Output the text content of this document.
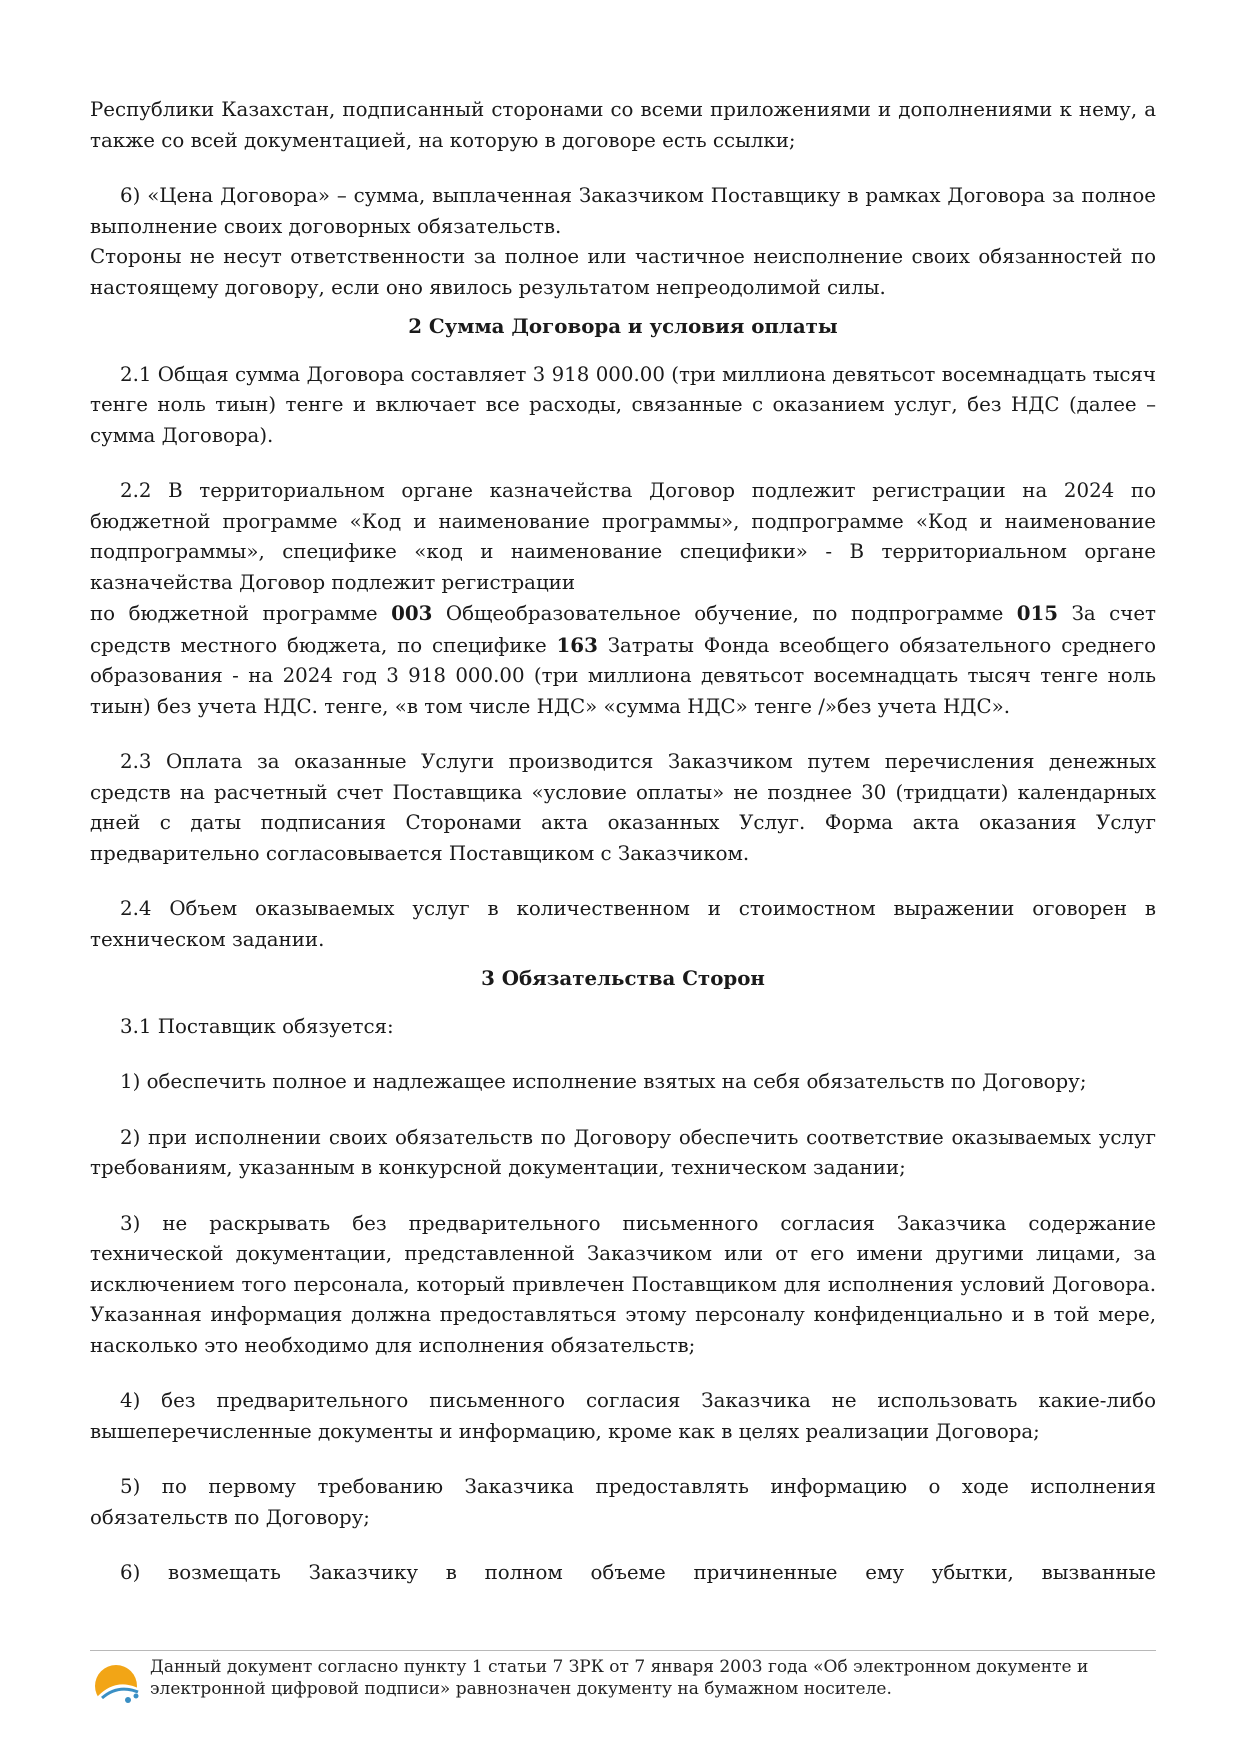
Республики Казахстан, подписанный сторонами со всеми приложениями и дополнениями к нему, а также со всей документацией, на которую в договоре есть ссылки;

6) «Цена Договора» – сумма, выплаченная Заказчиком Поставщику в рамках Договора за полное выполнение своих договорных обязательств.

Стороны не несут ответственности за полное или частичное неисполнение своих обязанностей по настоящему договору, если оно явилось результатом непреодолимой силы.

2 Сумма Договора и условия оплаты

2.1 Общая сумма Договора составляет 3 918 000.00 (три миллиона девятьсот восемнадцать тысяч тенге ноль тиын) тенге и включает все расходы, связанные с оказанием услуг, без НДС (далее – сумма Договора).

2.2 В территориальном органе казначейства Договор подлежит регистрации на 2024 по бюджетной программе «Код и наименование программы», подпрограмме «Код и наименование подпрограммы», специфике «код и наименование специфики» - В территориальном органе казначейства Договор подлежит регистрации

по бюджетной программе 003 Общеобразовательное обучение, по подпрограмме 015 За счет средств местного бюджета, по специфике 163 Затраты Фонда всеобщего обязательного среднего образования - на 2024 год 3 918 000.00 (три миллиона девятьсот восемнадцать тысяч тенге ноль тиын) без учета НДС. тенге, «в том числе НДС» «сумма НДС» тенге /»без учета НДС».

2.3 Оплата за оказанные Услуги производится Заказчиком путем перечисления денежных средств на расчетный счет Поставщика «условие оплаты» не позднее 30 (тридцати) календарных дней с даты подписания Сторонами акта оказанных Услуг. Форма акта оказания Услуг предварительно согласовывается Поставщиком с Заказчиком.

2.4 Объем оказываемых услуг в количественном и стоимостном выражении оговорен в техническом задании.

3 Обязательства Сторон

3.1 Поставщик обязуется:

1) обеспечить полное и надлежащее исполнение взятых на себя обязательств по Договору;

2) при исполнении своих обязательств по Договору обеспечить соответствие оказываемых услуг требованиям, указанным в конкурсной документации, техническом задании;

3) не раскрывать без предварительного письменного согласия Заказчика содержание технической документации, представленной Заказчиком или от его имени другими лицами, за исключением того персонала, который привлечен Поставщиком для исполнения условий Договора. Указанная информация должна предоставляться этому персоналу конфиденциально и в той мере, насколько это необходимо для исполнения обязательств;

4) без предварительного письменного согласия Заказчика не использовать какие-либо вышеперечисленные документы и информацию, кроме как в целях реализации Договора;

5) по первому требованию Заказчика предоставлять информацию о ходе исполнения обязательств по Договору;

6) возмещать Заказчику в полном объеме причиненные ему убытки, вызванные

Данный документ согласно пункту 1 статьи 7 ЗРК от 7 января 2003 года «Об электронном документе и электронной цифровой подписи» равнозначен документу на бумажном носителе.
